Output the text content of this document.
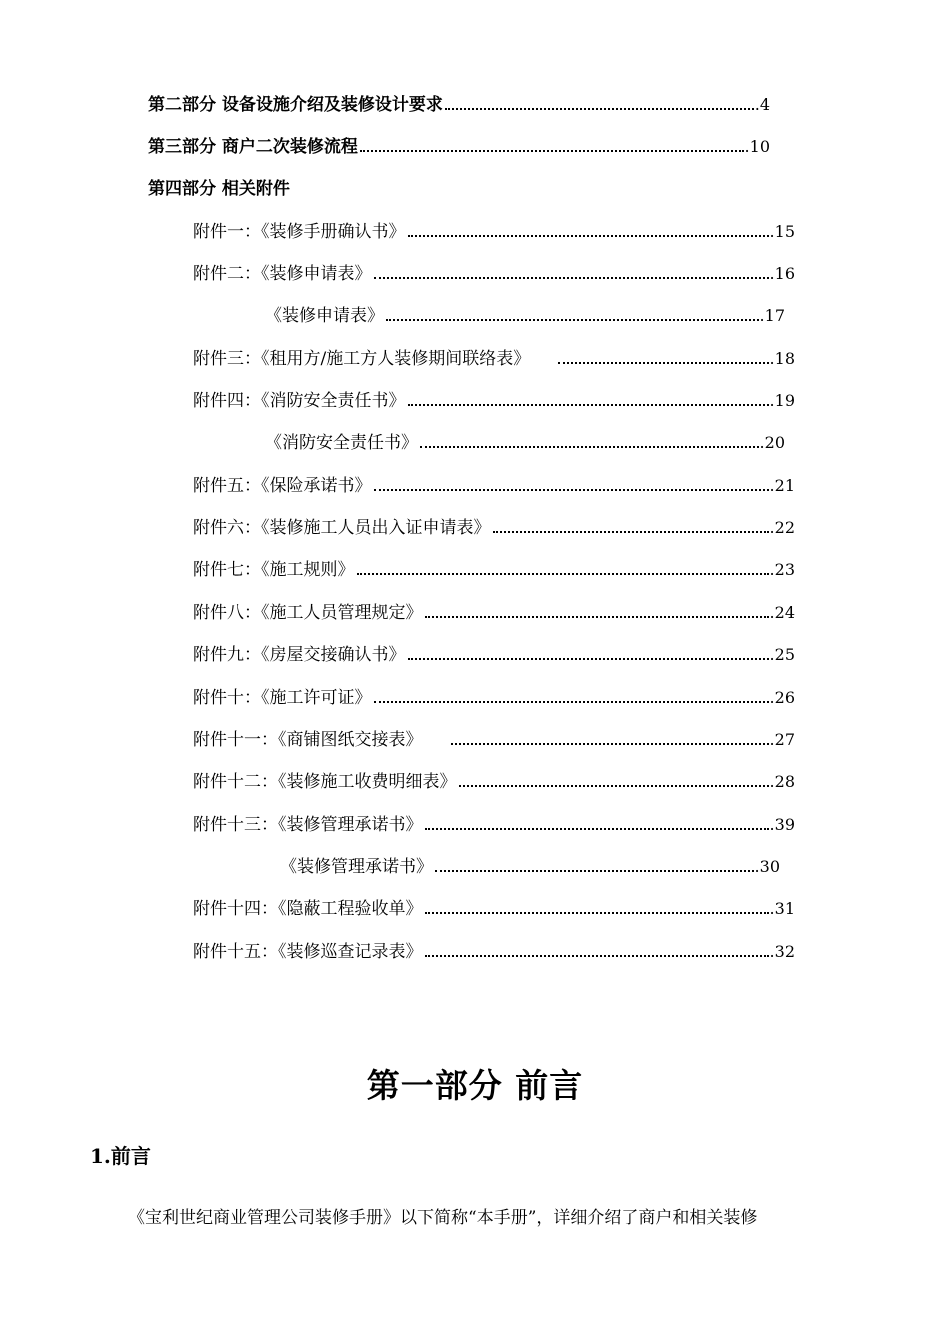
第二部分 设备设施介绍及装修设计要求	.4
第三部分 商户二次装修流程	.10
第四部分 相关附件
附件一：《装修手册确认书》	.15
附件二：《装修申请表》	.16
《装修申请表》	.17
附件三：《租用方/施工方人装修期间联络表》	.18
附件四：《消防安全责任书》	.19
《消防安全责任书》	.20
附件五：《保险承诺书》	.21
附件六：《装修施工人员出入证申请表》	.22
附件七：《施工规则》	.23
附件八：《施工人员管理规定》	.24
附件九：《房屋交接确认书》	.25
附件十：《施工许可证》	.26
附件十一：《商铺图纸交接表》	.27
附件十二：《装修施工收费明细表》	.28
附件十三：《装修管理承诺书》	.39
《装修管理承诺书》	.30
附件十四：《隐蔽工程验收单》	.31
附件十五：《装修巡查记录表》	.32
第一部分 前言
1.前言
《宝利世纪商业管理公司装修手册》以下简称“本手册”，详细介绍了商户和相关装修
